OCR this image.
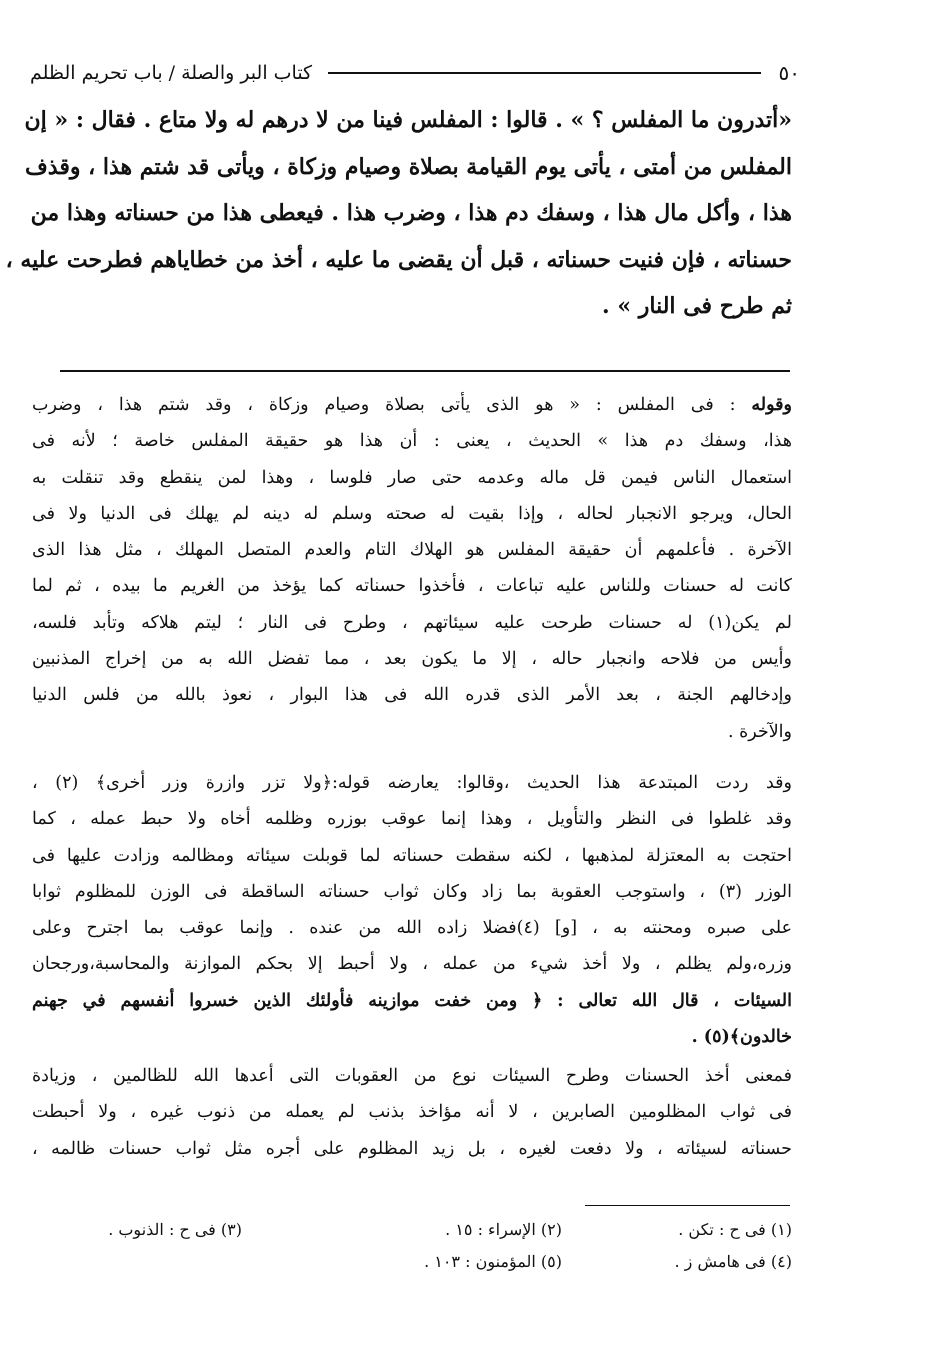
٥٠
كتاب البر والصلة / باب تحريم الظلم
«أتدرون ما المفلس ؟ » . قالوا : المفلس فينا من لا درهم له ولا متاع . فقال : « إن
المفلس من أمتى ، يأتى يوم القيامة بصلاة وصيام وزكاة ، ويأتى قد شتم هذا ، وقذف
هذا ، وأكل مال هذا ، وسفك دم هذا ، وضرب هذا . فيعطى هذا من حسناته وهذا من
حسناته ، فإن فنيت حسناته ، قبل أن يقضى ما عليه ، أخذ من خطاياهم فطرحت عليه ،
ثم طرح فى النار » .
وقوله : فى المفلس : « هو الذى يأتى بصلاة وصيام وزكاة ، وقد شتم هذا ، وضرب
هذا، وسفك دم هذا » الحديث ، يعنى : أن هذا هو حقيقة المفلس خاصة ؛ لأنه فى
استعمال الناس فيمن قل ماله وعدمه حتى صار فلوسا ، وهذا لمن ينقطع وقد تنقلت به
الحال، ويرجو الانجبار لحاله ، وإذا بقيت له صحته وسلم له دينه لم يهلك فى الدنيا ولا فى
الآخرة . فأعلمهم أن حقيقة المفلس هو الهلاك التام والعدم المتصل المهلك ، مثل هذا الذى
كانت له حسنات وللناس عليه تباعات ، فأخذوا حسناته كما يؤخذ من الغريم ما بيده ، ثم لما
لم يكن(١) له حسنات طرحت عليه سيئاتهم ، وطرح فى النار ؛ ليتم هلاكه وتأبد فلسه،
وأيس من فلاحه وانجبار حاله ، إلا ما يكون بعد ، مما تفضل الله به من إخراج المذنبين
وإدخالهم الجنة ، بعد الأمر الذى قدره الله فى هذا البوار ، نعوذ بالله من فلس الدنيا
والآخرة .
وقد ردت المبتدعة هذا الحديث ،وقالوا: يعارضه قوله:﴿ولا تزر وازرة وزر أخرى﴾ (٢) ،
وقد غلطوا فى النظر والتأويل ، وهذا إنما عوقب بوزره وظلمه أخاه ولا حبط عمله ، كما
احتجت به المعتزلة لمذهبها ، لكنه سقطت حسناته لما قوبلت سيئاته ومظالمه وزادت عليها فى
الوزر (٣) ، واستوجب العقوبة بما زاد وكان ثواب حسناته الساقطة فى الوزن للمظلوم ثوابا
على صبره ومحنته به ، [و] (٤)فضلا زاده الله من عنده . وإنما عوقب بما اجترح وعلى
وزره،ولم يظلم ، ولا أخذ شيء من عمله ، ولا أحبط إلا بحكم الموازنة والمحاسبة،ورجحان
السيئات ، قال الله تعالى : ﴿ ومن خفت موازينه فأولئك الذين خسروا أنفسهم في جهنم
خالدون﴾(٥) .
فمعنى أخذ الحسنات وطرح السيئات نوع من العقوبات التى أعدها الله للظالمين ، وزيادة
فى ثواب المظلومين الصابرين ، لا أنه مؤاخذ بذنب لم يعمله من ذنوب غيره ، ولا أحبطت
حسناته لسيئاته ، ولا دفعت لغيره ، بل زيد المظلوم على أجره مثل ثواب حسنات ظالمه ،
(١) فى ح : تكن .
(٢) الإسراء : ١٥ .
(٣) فى ح : الذنوب .
(٤) فى هامش ز .
(٥) المؤمنون : ١٠٣ .
